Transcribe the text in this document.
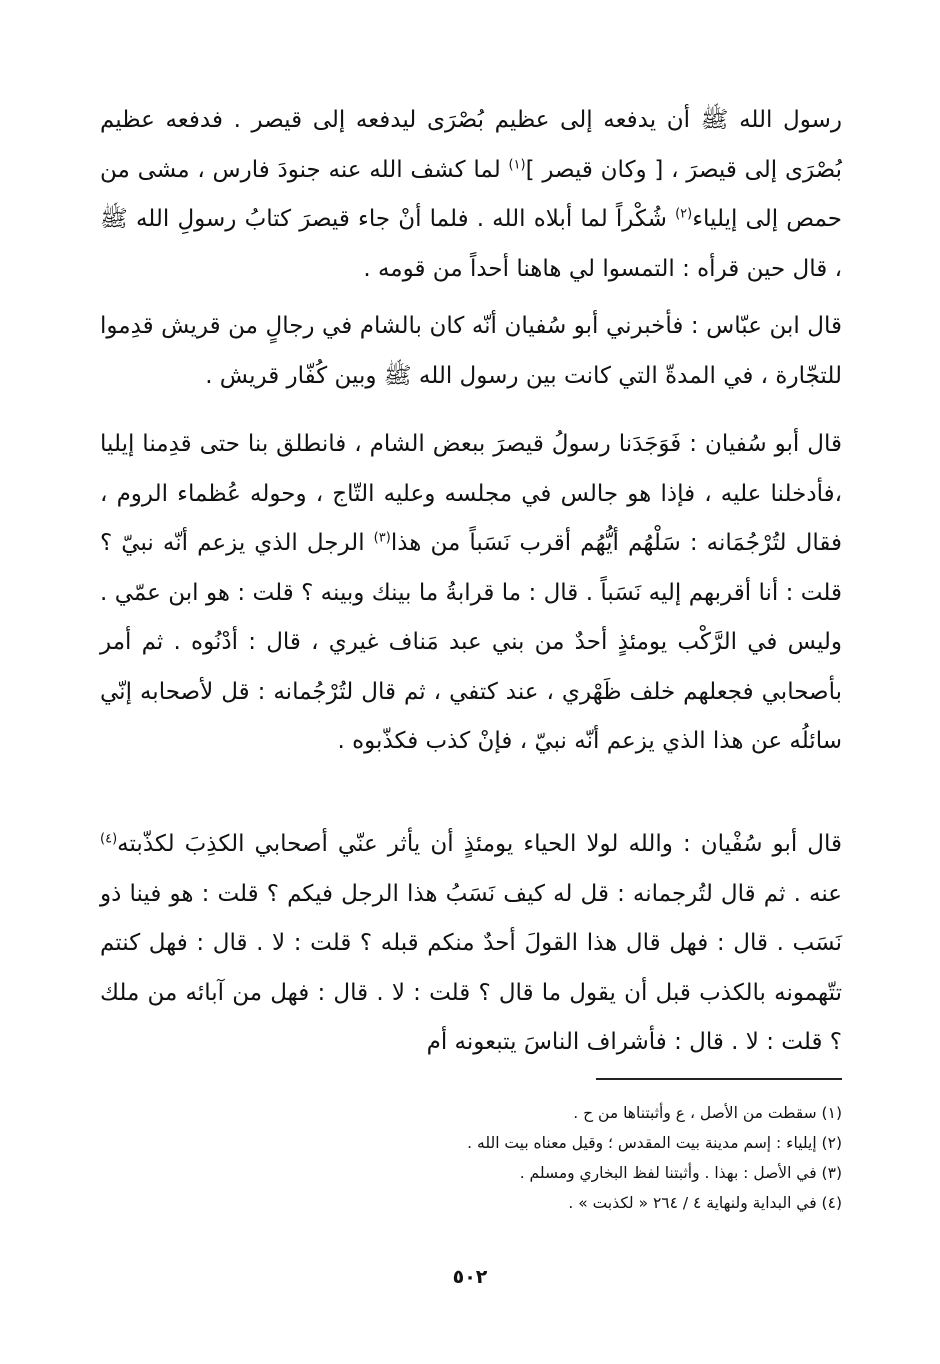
رسول الله ﷺ أن يدفعه إلى عظيم بُصْرَى ليدفعه إلى قيصر . فدفعه عظيم بُصْرَى إلى قيصرَ ، [ وكان قيصر ]$^{(١)}$ لما كشف الله عنه جنودَ فارس ، مشى من حمص إلى إيلياء$^{(٢)}$ شُكْراً لما أبلاه الله . فلما أنْ جاء قيصرَ كتابُ رسولِ الله ﷺ ، قال حين قرأه : التمسوا لي هاهنا أحداً من قومه .

قال ابن عبّاس : فأخبرني أبو سُفيان أنّه كان بالشام في رجالٍ من قريش قدِموا للتجّارة ، في المدةّ التي كانت بين رسول الله ﷺ وبين كُفّار قريش .

قال أبو سُفيان : فَوَجَدَنا رسولُ قيصرَ ببعض الشام ، فانطلق بنا حتى قدِمنا إيليا ،فأدخلنا عليه ، فإذا هو جالس في مجلسه وعليه التّاج ، وحوله عُظماء الروم ، فقال لتُرْجُمَانه : سَلْهُم أيُّهُم أقرب نَسَباً من هذا$^{(٣)}$ الرجل الذي يزعم أنّه نبيّ ؟ قلت : أنا أقربهم إليه نَسَباً . قال : ما قرابةُ ما بينك وبينه ؟ قلت : هو ابن عمّي . وليس في الرَّكْب يومئذٍ أحدٌ من بني عبد مَناف غيري ، قال : أدْنُوه . ثم أمر بأصحابي فجعلهم خلف ظَهْري ، عند كتفي ، ثم قال لتُرْجُمانه : قل لأصحابه إنّي سائلُه عن هذا الذي يزعم أنّه نبيّ ، فإنْ كذب فكذّبوه .

قال أبو سُفْيان : والله لولا الحياء يومئذٍ أن يأثر عنّي أصحابي الكذِبَ لكذّبته$^{(٤)}$ عنه . ثم قال لتُرجمانه : قل له كيف نَسَبُ هذا الرجل فيكم ؟ قلت : هو فينا ذو نَسَب . قال : فهل قال هذا القولَ أحدٌ منكم قبله ؟ قلت : لا . قال : فهل كنتم تتّهمونه بالكذب قبل أن يقول ما قال ؟ قلت : لا . قال : فهل من آبائه من ملك ؟ قلت : لا . قال : فأشراف الناسَ يتبعونه أم

(١) سقطت من الأصل ، ع وأثبتناها من ح .
(٢) إيلياء : إسم مدينة بيت المقدس ؛ وقيل معناه بيت الله .
(٣) في الأصل : بهذا . وأثبتنا لفظ البخاري ومسلم .
(٤) في البداية ولنهاية ٤ / ٢٦٤ « لكذبت » .
٥٠٢
